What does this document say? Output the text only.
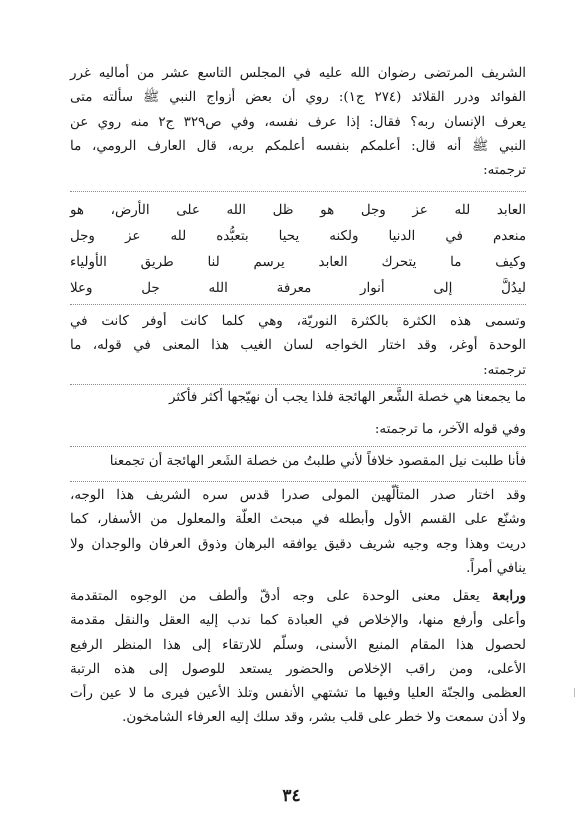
الشريف المرتضى رضوان الله عليه في المجلس التاسع عشر من أماليه غرر
الفوائد ودرر القلائد (٢٧٤ ج١): روي أن بعض أزواج النبي ﷺ سألته متى
يعرف الإنسان ربه؟ فقال: إذا عرف نفسه، وفي ص٣٢٩ ج٢ منه روي عن
النبي ﷺ أنه قال: أعلمكم بنفسه أعلمكم بربه، قال العارف الرومي، ما
ترجمته:
العابد لله عز وجل هو ظل الله على الأرض، هو
منعدم في الدنيا ولكنه يحيا بتعبُّده لله عز وجل
وكيف ما يتحرك العابد يرسم لنا طريق الأولياء
ليدُلَّ إلى أنوار معرفة الله جل وعلا
وتسمى هذه الكثرة بالكثرة النوريّة، وهي كلما كانت أوفر كانت في
الوحدة أوغر، وقد اختار الخواجه لسان الغيب هذا المعنى في قوله، ما
ترجمته:
ما يجمعنا هي خصلة الشَّعر الهائجة فلذا يجب أن نهيّجها أكثر فأكثر
وفي قوله الآخر، ما ترجمته:
فأنا طلبت نيل المقصود خلافاً لأني طلبتُ من خصلة الشَعر الهائجة أن تجمعنا
وقد اختار صدر المتألّهين المولى صدرا قدس سره الشريف هذا الوجه،
وشنّع على القسم الأول وأبطله في مبحث العلّة والمعلول من الأسفار، كما
دريت وهذا وجه وجيه شريف دقيق يوافقه البرهان وذوق العرفان والوجدان ولا
ينافي أمراً.
ورابعة يعقل معنى الوحدة على وجه أدقّ وألطف من الوجوه المتقدمة
وأعلى وأرفع منها، والإخلاص في العبادة كما ندب إليه العقل والنقل مقدمة
لحصول هذا المقام المنيع الأسنى، وسلّم للارتقاء إلى هذا المنظر الرفيع
الأعلى، ومن راقب الإخلاص والحضور يستعد للوصول إلى هذه الرتبة
العظمى والجنّة العليا وفيها ما تشتهي الأنفس وتلذ الأعين فيرى ما لا عين رأت
ولا أذن سمعت ولا خطر على قلب بشر، وقد سلك إليه العرفاء الشامخون.
٣٤
